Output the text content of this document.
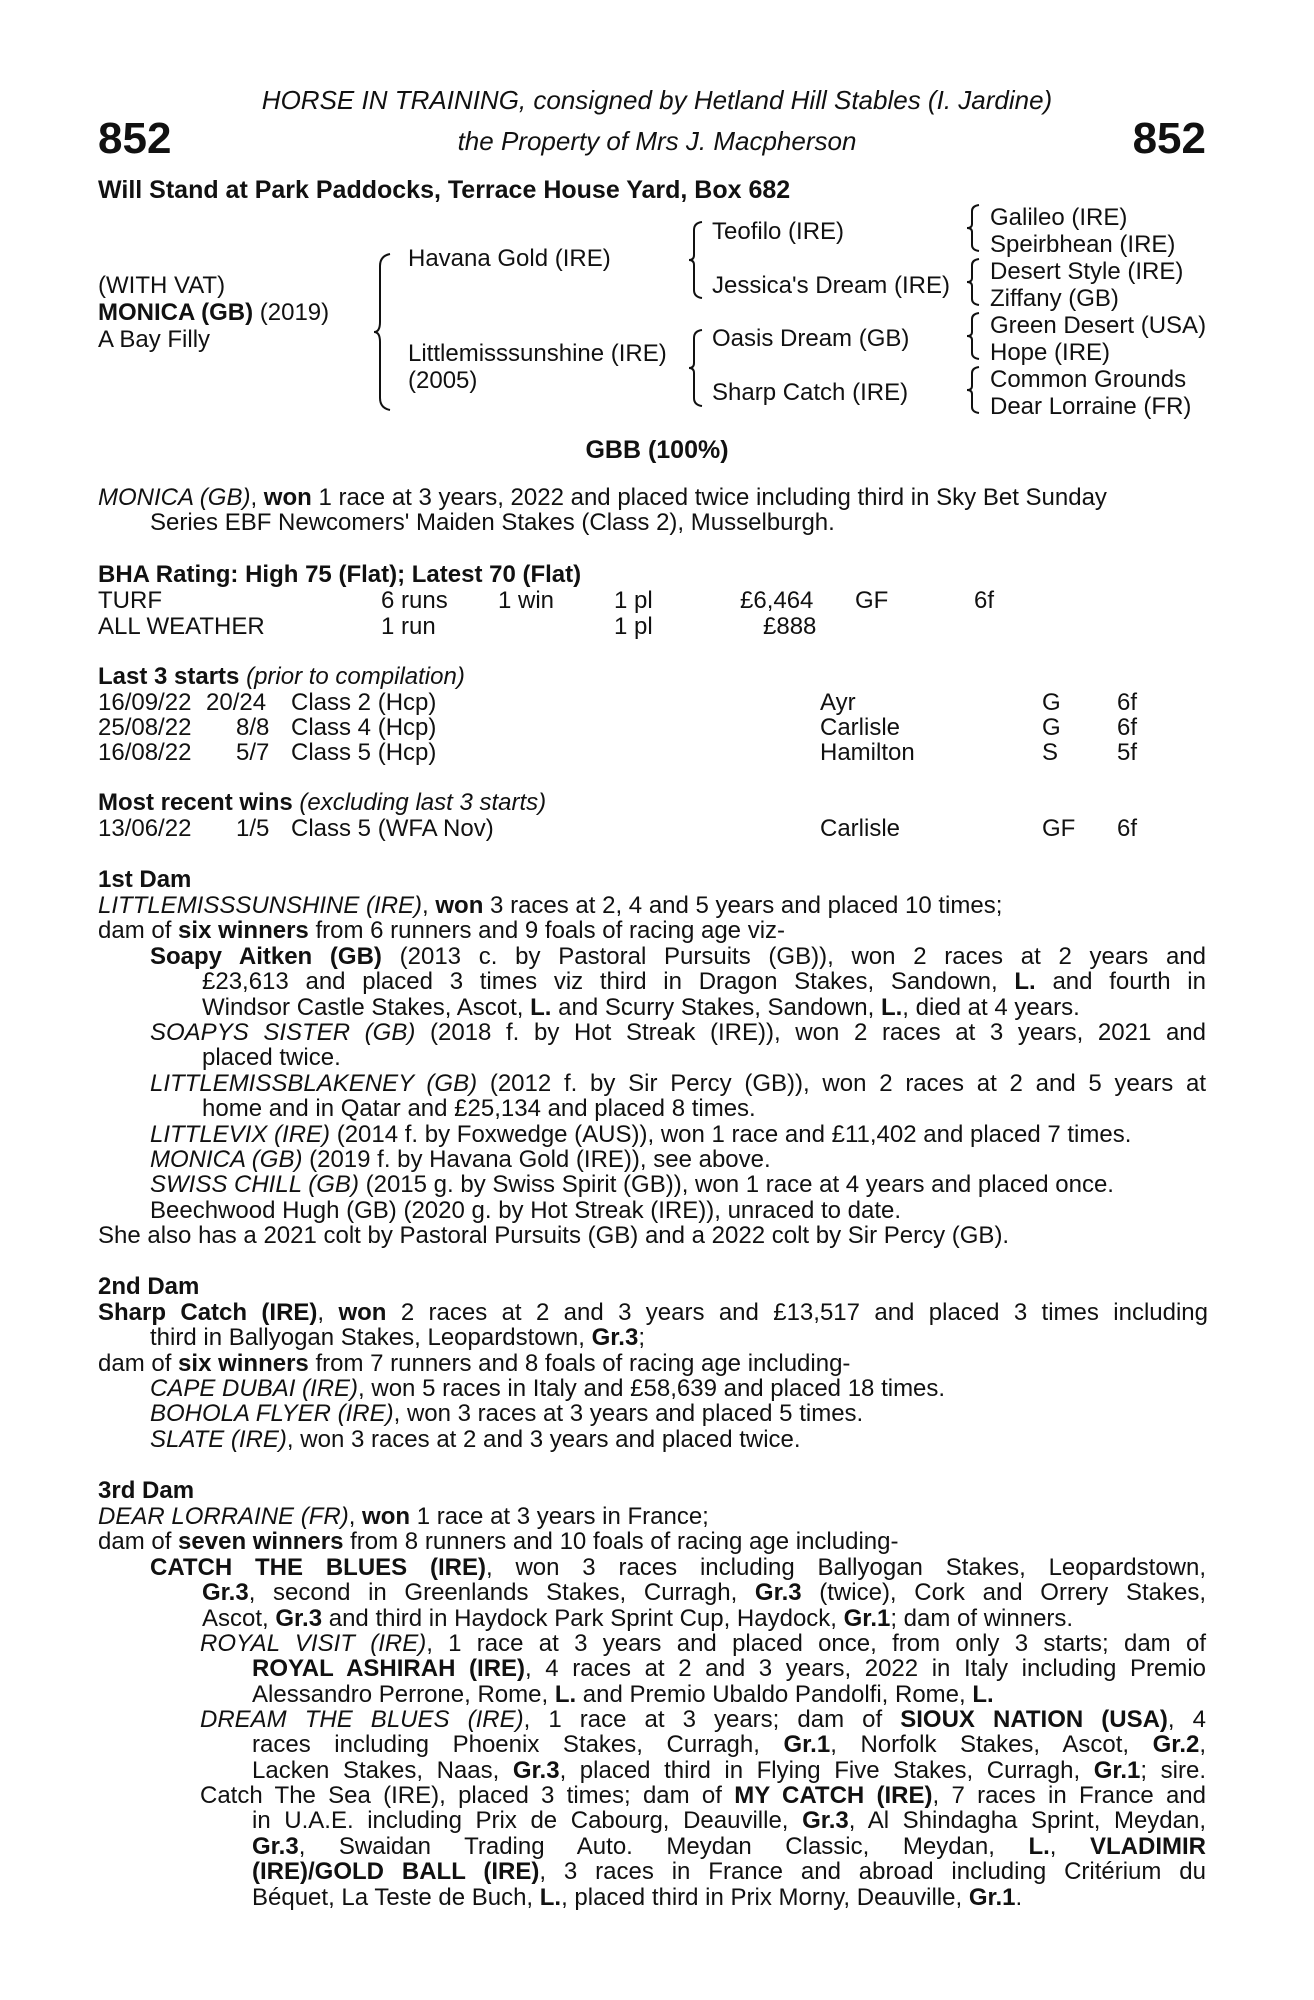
852	852
HORSE IN TRAINING, consigned by Hetland Hill Stables (I. Jardine)
the Property of Mrs J. Macpherson
Will Stand at Park Paddocks, Terrace House Yard, Box 682
(WITH VAT)
MONICA (GB) (2019)
A Bay Filly
Havana Gold (IRE)
Littlemisssunshine (IRE)
(2005)
Teofilo (IRE)
Jessica's Dream (IRE)
Oasis Dream (GB)
Sharp Catch (IRE)
Galileo (IRE)
Speirbhean (IRE)
Desert Style (IRE)
Ziffany (GB)
Green Desert (USA)
Hope (IRE)
Common Grounds
Dear Lorraine (FR)
GBB (100%)
MONICA (GB), won 1 race at 3 years, 2022 and placed twice including third in Sky Bet Sunday
Series EBF Newcomers' Maiden Stakes (Class 2), Musselburgh.
BHA Rating: High 75 (Flat); Latest 70 (Flat)
TURF	6 runs 1 win 1 pl	£6,464 GF	6f
ALL WEATHER	1 run	1 pl	£888
Last 3 starts (prior to compilation)
16/09/22 20/24 Class 2 (Hcp)	Ayr	G 6f
25/08/22 8/8 Class 4 (Hcp)	Carlisle	G 6f
16/08/22 5/7 Class 5 (Hcp)	Hamilton	S 5f
Most recent wins (excluding last 3 starts)
13/06/22 1/5 Class 5 (WFA Nov)	Carlisle	GF 6f
1st Dam
LITTLEMISSSUNSHINE (IRE), won 3 races at 2, 4 and 5 years and placed 10 times;
dam of six winners from 6 runners and 9 foals of racing age viz-
Soapy Aitken (GB) (2013 c. by Pastoral Pursuits (GB)), won 2 races at 2 years and
£23,613 and placed 3 times viz third in Dragon Stakes, Sandown, L. and fourth in
Windsor Castle Stakes, Ascot, L. and Scurry Stakes, Sandown, L., died at 4 years.
SOAPYS SISTER (GB) (2018 f. by Hot Streak (IRE)), won 2 races at 3 years, 2021 and
placed twice.
LITTLEMISSBLAKENEY (GB) (2012 f. by Sir Percy (GB)), won 2 races at 2 and 5 years at
home and in Qatar and £25,134 and placed 8 times.
LITTLEVIX (IRE) (2014 f. by Foxwedge (AUS)), won 1 race and £11,402 and placed 7 times.
MONICA (GB) (2019 f. by Havana Gold (IRE)), see above.
SWISS CHILL (GB) (2015 g. by Swiss Spirit (GB)), won 1 race at 4 years and placed once.
Beechwood Hugh (GB) (2020 g. by Hot Streak (IRE)), unraced to date.
She also has a 2021 colt by Pastoral Pursuits (GB) and a 2022 colt by Sir Percy (GB).
2nd Dam
Sharp Catch (IRE), won 2 races at 2 and 3 years and £13,517 and placed 3 times including
third in Ballyogan Stakes, Leopardstown, Gr.3;
dam of six winners from 7 runners and 8 foals of racing age including-
CAPE DUBAI (IRE), won 5 races in Italy and £58,639 and placed 18 times.
BOHOLA FLYER (IRE), won 3 races at 3 years and placed 5 times.
SLATE (IRE), won 3 races at 2 and 3 years and placed twice.
3rd Dam
DEAR LORRAINE (FR), won 1 race at 3 years in France;
dam of seven winners from 8 runners and 10 foals of racing age including-
CATCH THE BLUES (IRE), won 3 races including Ballyogan Stakes, Leopardstown,
Gr.3, second in Greenlands Stakes, Curragh, Gr.3 (twice), Cork and Orrery Stakes,
Ascot, Gr.3 and third in Haydock Park Sprint Cup, Haydock, Gr.1; dam of winners.
ROYAL VISIT (IRE), 1 race at 3 years and placed once, from only 3 starts; dam of
ROYAL ASHIRAH (IRE), 4 races at 2 and 3 years, 2022 in Italy including Premio
Alessandro Perrone, Rome, L. and Premio Ubaldo Pandolfi, Rome, L.
DREAM THE BLUES (IRE), 1 race at 3 years; dam of SIOUX NATION (USA), 4
races including Phoenix Stakes, Curragh, Gr.1, Norfolk Stakes, Ascot, Gr.2,
Lacken Stakes, Naas, Gr.3, placed third in Flying Five Stakes, Curragh, Gr.1; sire.
Catch The Sea (IRE), placed 3 times; dam of MY CATCH (IRE), 7 races in France and
in U.A.E. including Prix de Cabourg, Deauville, Gr.3, Al Shindagha Sprint, Meydan,
Gr.3, Swaidan Trading Auto. Meydan Classic, Meydan, L., VLADIMIR
(IRE)/GOLD BALL (IRE), 3 races in France and abroad including Critérium du
Béquet, La Teste de Buch, L., placed third in Prix Morny, Deauville, Gr.1.
